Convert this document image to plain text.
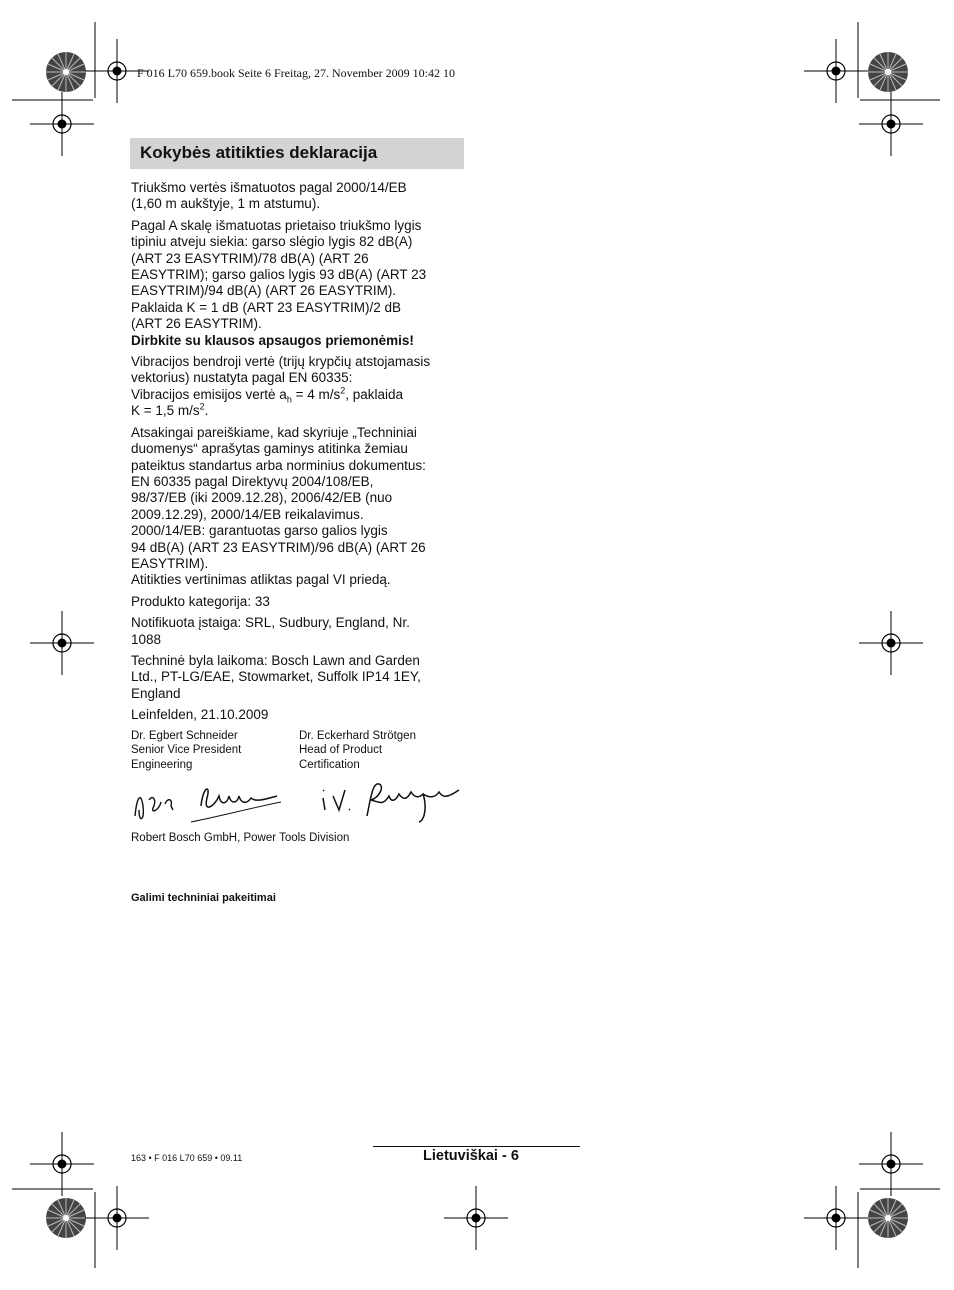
F 016 L70 659.book Seite 6 Freitag, 27. November 2009 10:42 10
Kokybės atitikties deklaracija

Triukšmo vertės išmatuotos pagal 2000/14/EB
(1,60 m aukštyje, 1 m atstumu).

Pagal A skalę išmatuotas prietaiso triukšmo lygis
tipiniu atveju siekia: garso slėgio lygis 82 dB(A)
(ART 23 EASYTRIM)/78 dB(A) (ART 26
EASYTRIM); garso galios lygis 93 dB(A) (ART 23
EASYTRIM)/94 dB(A) (ART 26 EASYTRIM).
Paklaida K = 1 dB (ART 23 EASYTRIM)/2 dB
(ART 26 EASYTRIM).
Dirbkite su klausos apsaugos priemonėmis!

Vibracijos bendroji vertė (trijų krypčių atstojamasis
vektorius) nustatyta pagal EN 60335:
Vibracijos emisijos vertė $a_h = 4$ $m/s^2$, paklaida
K = 1,5 $m/s^2$.

Atsakingai pareiškiame, kad skyriuje „Techniniai
duomenys“ aprašytas gaminys atitinka žemiau
pateiktus standartus arba norminius dokumentus:
EN 60335 pagal Direktyvų 2004/108/EB,
98/37/EB (iki 2009.12.28), 2006/42/EB (nuo
2009.12.29), 2000/14/EB reikalavimus.
2000/14/EB: garantuotas garso galios lygis
94 dB(A) (ART 23 EASYTRIM)/96 dB(A) (ART 26
EASYTRIM).
Atitikties vertinimas atliktas pagal VI priedą.

Produkto kategorija: 33

Notifikuota įstaiga: SRL, Sudbury, England, Nr.
1088

Techninė byla laikoma: Bosch Lawn and Garden
Ltd., PT-LG/EAE, Stowmarket, Suffolk IP14 1EY,
England

Leinfelden, 21.10.2009

Dr. Egbert Schneider
Senior Vice President
Engineering
Dr. Eckerhard Strötgen
Head of Product
Certification
Robert Bosch GmbH, Power Tools Division
Galimi techniniai pakeitimai
163 • F 016 L70 659 • 09.11	Lietuviškai - 6
